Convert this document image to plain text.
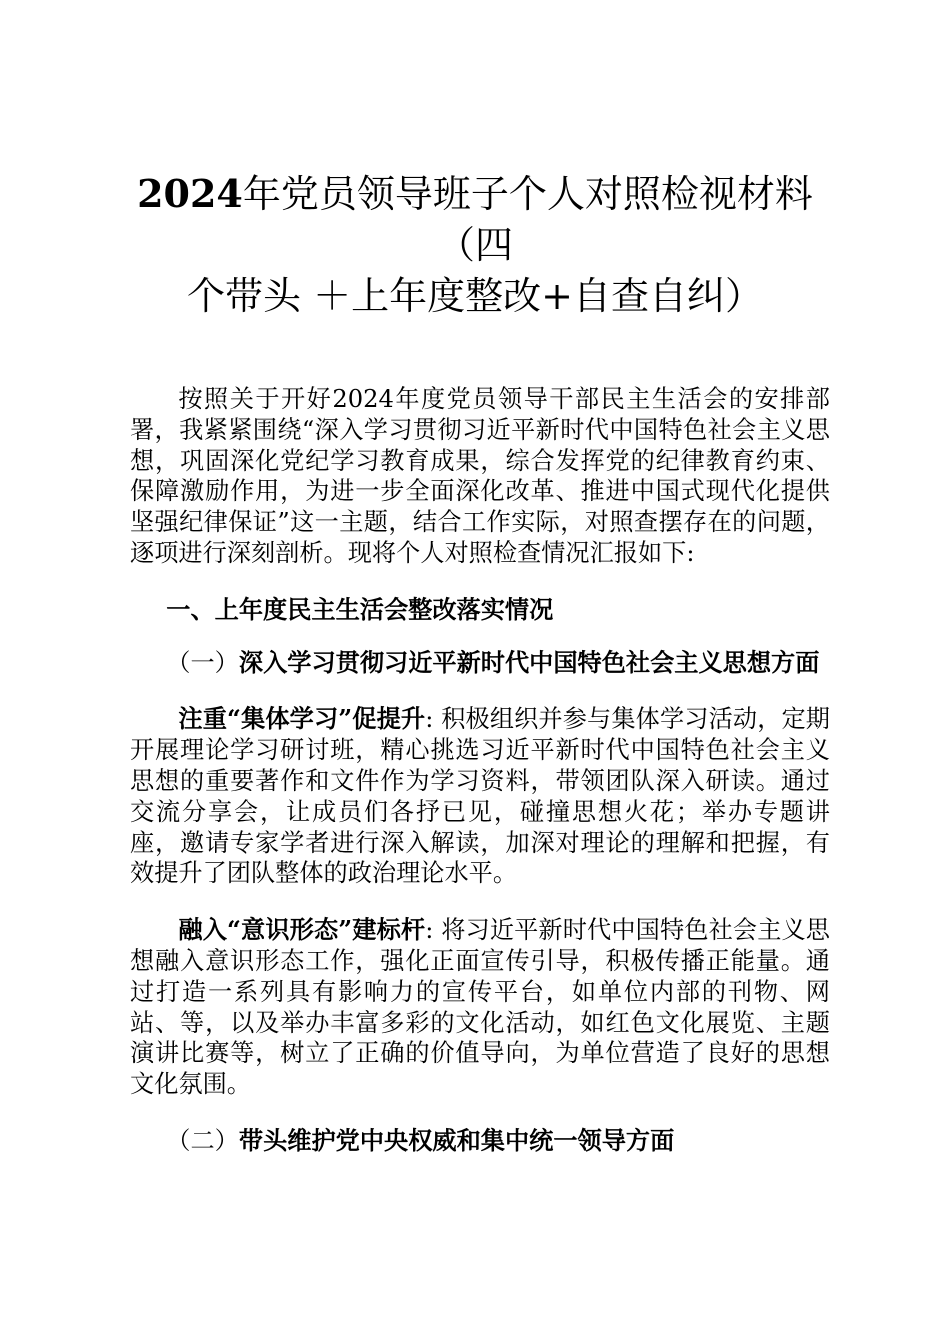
2024年党员领导班子个人对照检视材料（四
个带头 ＋上年度整改+自查自纠）

按照关于开好2024年度党员领导干部民主生活会的安排部署，我紧紧围绕“深入学习贯彻习近平新时代中国特色社会主义思想，巩固深化党纪学习教育成果，综合发挥党的纪律教育约束、保障激励作用，为进一步全面深化改革、推进中国式现代化提供坚强纪律保证”这一主题，结合工作实际，对照查摆存在的问题，逐项进行深刻剖析。现将个人对照检查情况汇报如下:

一、上年度民主生活会整改落实情况

（一）深入学习贯彻习近平新时代中国特色社会主义思想方面

注重“集体学习”促提升: 积极组织并参与集体学习活动，定期开展理论学习研讨班，精心挑选习近平新时代中国特色社会主义思想的重要著作和文件作为学习资料，带领团队深入研读。通过交流分享会，让成员们各抒已见，碰撞思想火花；举办专题讲座，邀请专家学者进行深入解读，加深对理论的理解和把握，有效提升了团队整体的政治理论水平。

融入“意识形态”建标杆: 将习近平新时代中国特色社会主义思想融入意识形态工作，强化正面宣传引导，积极传播正能量。通过打造一系列具有影响力的宣传平台，如单位内部的刊物、网站、等，以及举办丰富多彩的文化活动，如红色文化展览、主题演讲比赛等，树立了正确的价值导向，为单位营造了良好的思想文化氛围。

（二）带头维护党中央权威和集中统一领导方面
